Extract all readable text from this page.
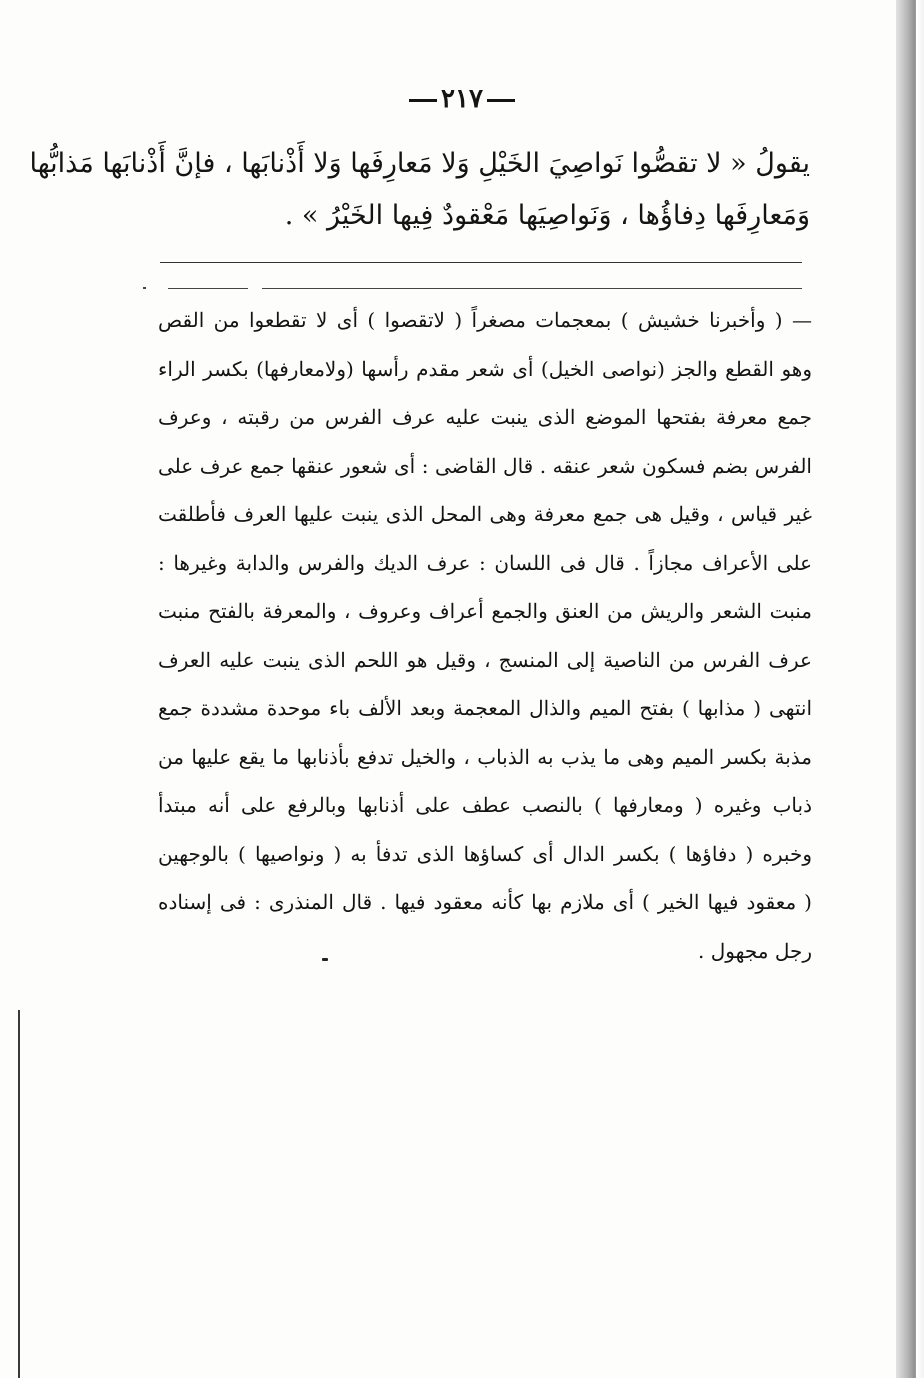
٢١٧
يقولُ « لا تقصُّوا نَواصِيَ الخَيْلِ وَلا مَعارِفَها وَلا أَذْنابَها ، فإنَّ أَذْنابَها مَذابُّها
وَمَعارِفَها دِفاؤُها ، وَنَواصِيَها مَعْقودٌ فِيها الخَيْرُ » .
— ( وأخبرنا خشيش ) بمعجمات مصغراً ( لاتقصوا ) أى لا تقطعوا من القص
وهو القطع والجز (نواصى الخيل) أى شعر مقدم رأسها (ولامعارفها) بكسر الراء
جمع معرفة بفتحها الموضع الذى ينبت عليه عرف الفرس من رقبته ، وعرف
الفرس بضم فسكون شعر عنقه . قال القاضى : أى شعور عنقها جمع عرف على
غير قياس ، وقيل هى جمع معرفة وهى المحل الذى ينبت عليها العرف فأطلقت
على الأعراف مجازاً . قال فى اللسان : عرف الديك والفرس والدابة وغيرها :
منبت الشعر والريش من العنق والجمع أعراف وعروف ، والمعرفة بالفتح منبت
عرف الفرس من الناصية إلى المنسج ، وقيل هو اللحم الذى ينبت عليه العرف
انتهى ( مذابها ) بفتح الميم والذال المعجمة وبعد الألف باء موحدة مشددة جمع
مذبة بكسر الميم وهى ما يذب به الذباب ، والخيل تدفع بأذنابها ما يقع عليها من
ذباب وغيره ( ومعارفها ) بالنصب عطف على أذنابها وبالرفع على أنه مبتدأ
وخبره ( دفاؤها ) بكسر الدال أى كساؤها الذى تدفأ به ( ونواصيها ) بالوجهين
( معقود فيها الخير ) أى ملازم بها كأنه معقود فيها . قال المنذرى : فى إسناده
رجل مجهول .
